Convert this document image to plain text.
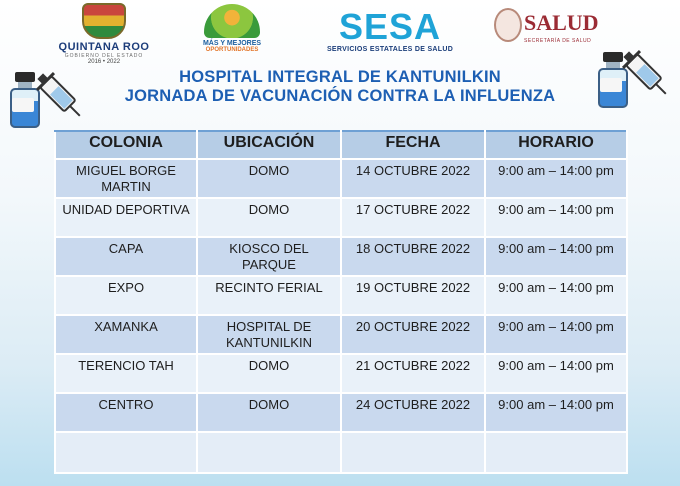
QUINTANA ROO
GOBIERNO DEL ESTADO
2016 • 2022
MÁS Y MEJORES
OPORTUNIDADES
SESA
SERVICIOS ESTATALES DE SALUD
SALUD
SECRETARÍA DE SALUD
HOSPITAL INTEGRAL DE KANTUNILKIN
JORNADA DE VACUNACIÓN CONTRA LA INFLUENZA
COLONIA	UBICACIÓN	FECHA	HORARIO
MIGUEL BORGE MARTIN	DOMO	14 OCTUBRE 2022	9:00 am – 14:00 pm
UNIDAD DEPORTIVA	DOMO	17 OCTUBRE 2022	9:00 am – 14:00 pm
CAPA	KIOSCO DEL PARQUE	18 OCTUBRE 2022	9:00 am – 14:00 pm
EXPO	RECINTO FERIAL	19 OCTUBRE 2022	9:00 am – 14:00 pm
XAMANKA	HOSPITAL DE KANTUNILKIN	20 OCTUBRE 2022	9:00 am – 14:00 pm
TERENCIO TAH	DOMO	21 OCTUBRE 2022	9:00 am – 14:00 pm
CENTRO	DOMO	24 OCTUBRE 2022	9:00 am – 14:00 pm
